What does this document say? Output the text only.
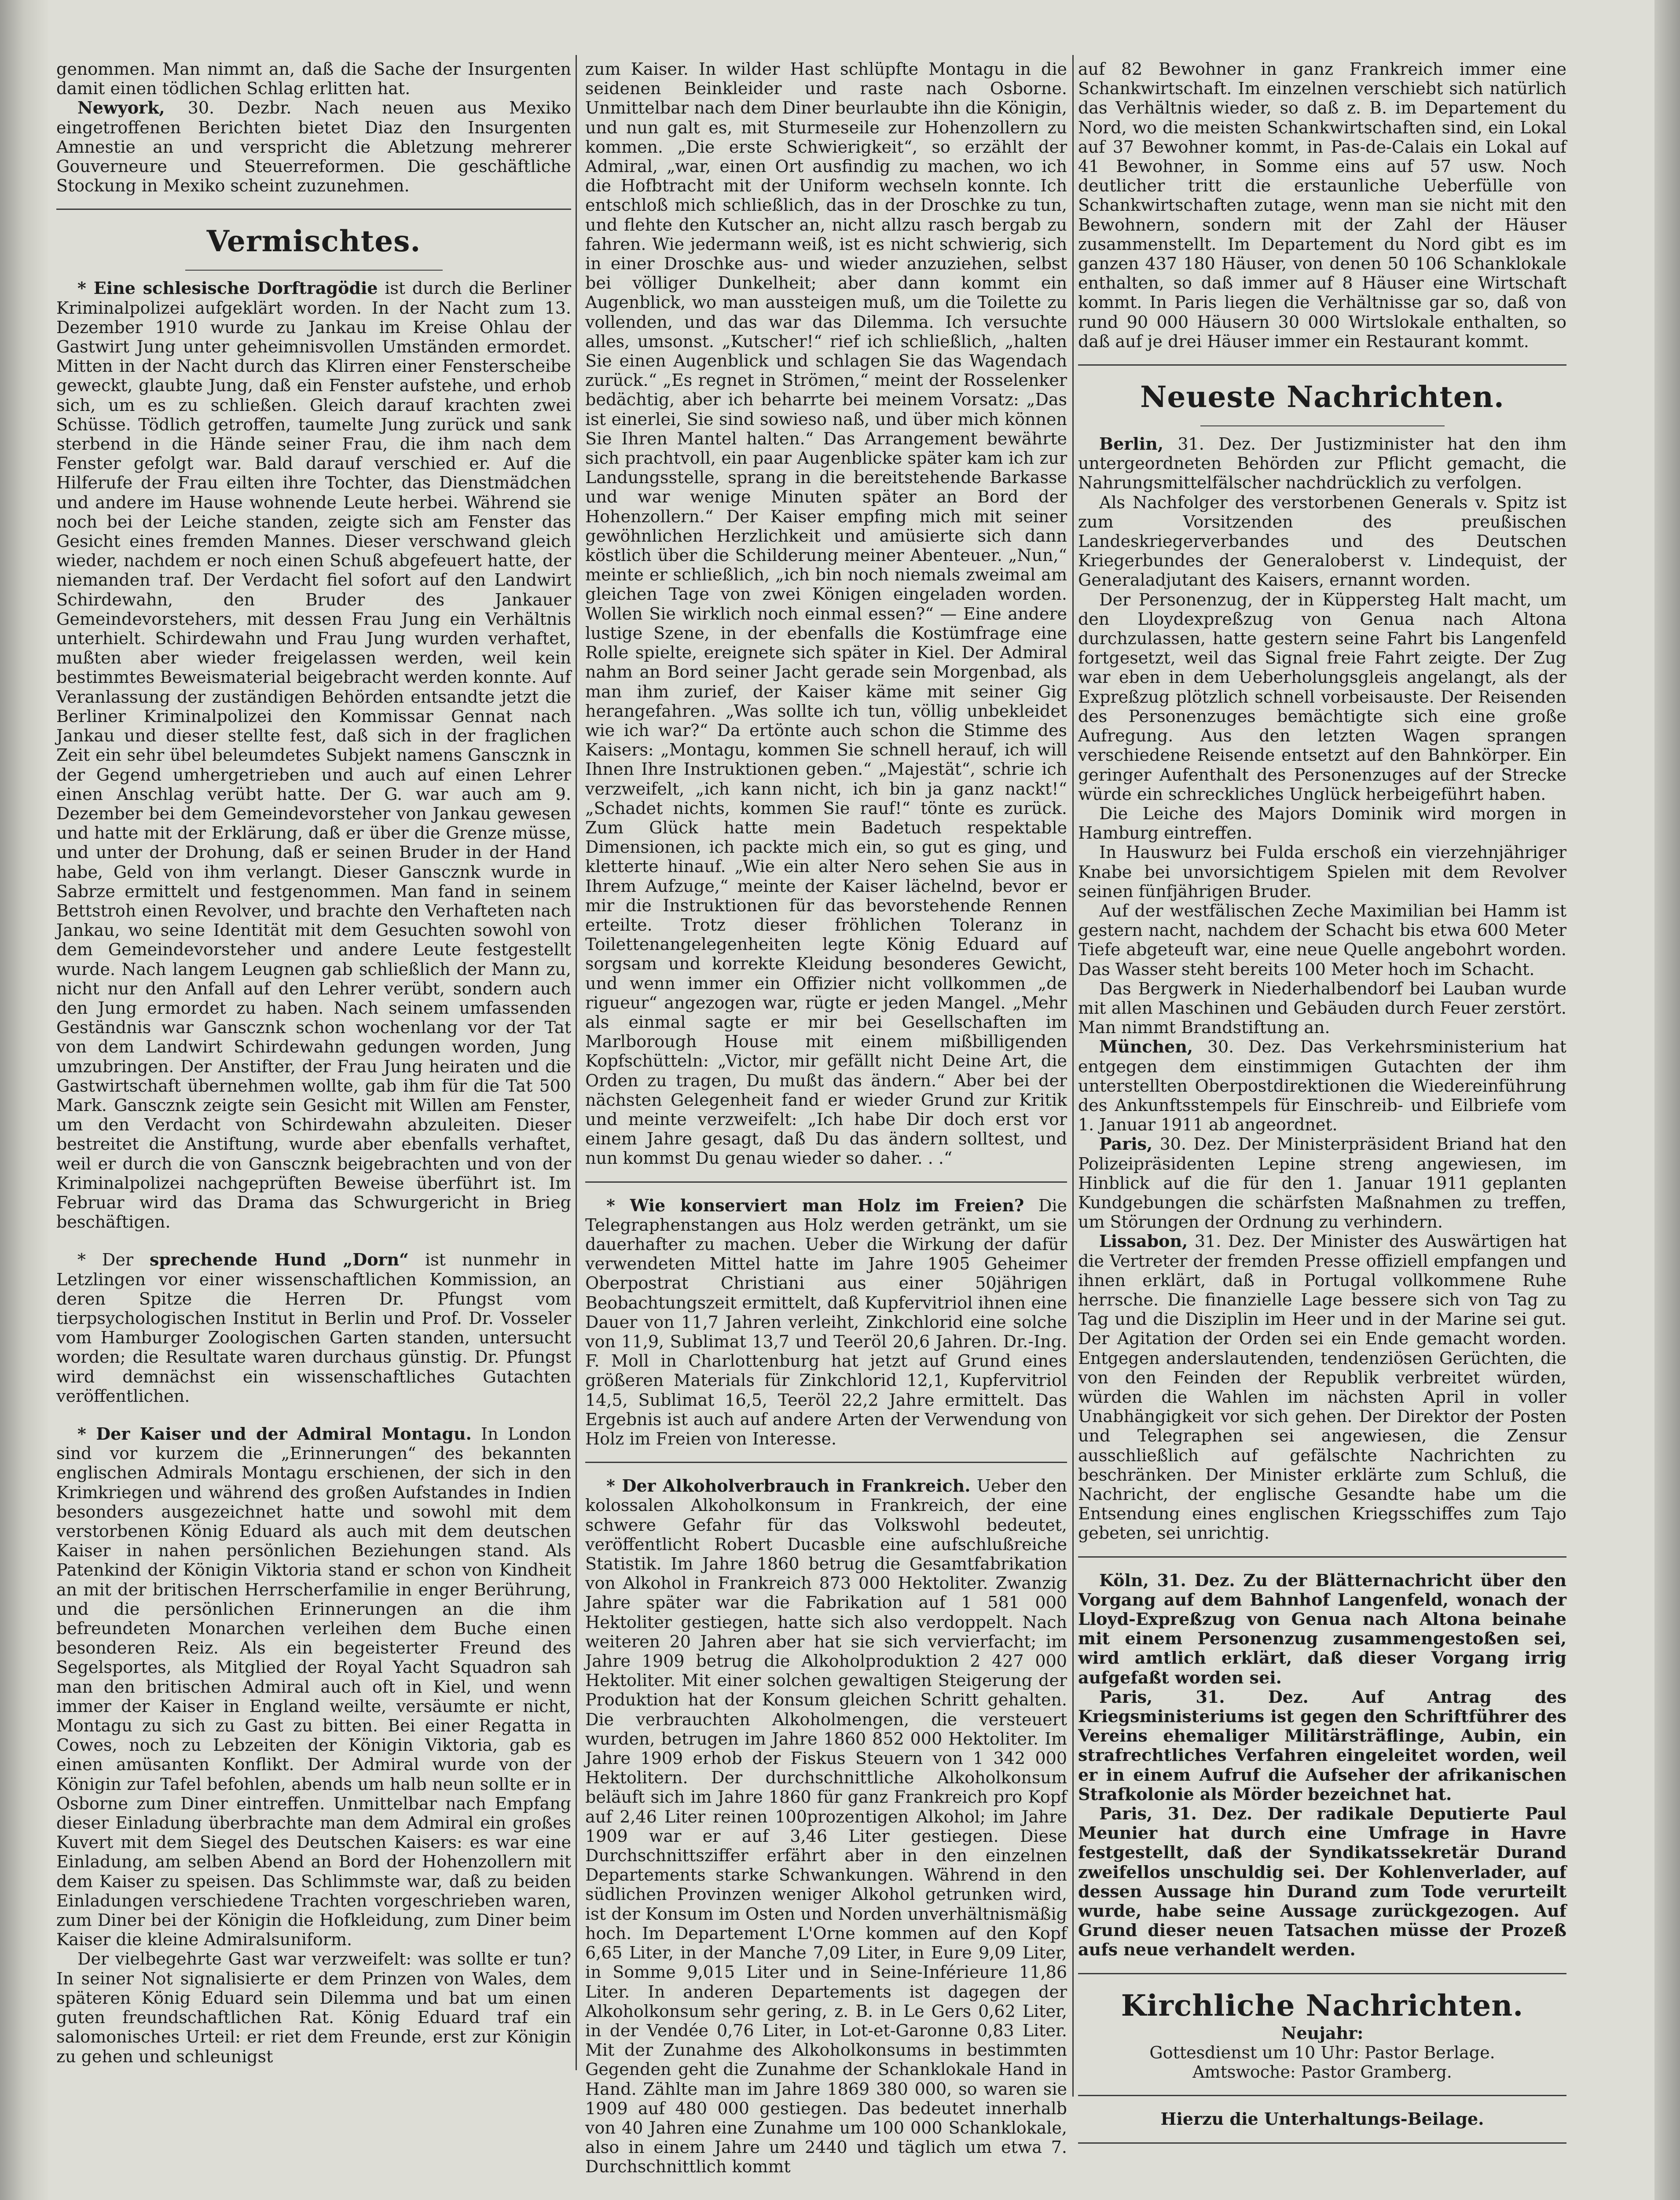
genommen. Man nimmt an, daß die Sache der Insurgenten damit einen tödlichen Schlag erlitten hat.

Newyork, 30. Dezbr. Nach neuen aus Mexiko eingetroffenen Berichten bietet Diaz den Insurgenten Amnestie an und verspricht die Abletzung mehrerer Gouverneure und Steuerreformen. Die geschäftliche Stockung in Mexiko scheint zuzunehmen.

Vermischtes.

* Eine schlesische Dorftragödie ist durch die Berliner Kriminalpolizei aufgeklärt worden. In der Nacht zum 13. Dezember 1910 wurde zu Jankau im Kreise Ohlau der Gastwirt Jung unter geheimnisvollen Umständen ermordet. Mitten in der Nacht durch das Klirren einer Fensterscheibe geweckt, glaubte Jung, daß ein Fenster aufstehe, und erhob sich, um es zu schließen. Gleich darauf krachten zwei Schüsse. Tödlich getroffen, taumelte Jung zurück und sank sterbend in die Hände seiner Frau, die ihm nach dem Fenster gefolgt war. Bald darauf verschied er. Auf die Hilferufe der Frau eilten ihre Tochter, das Dienstmädchen und andere im Hause wohnende Leute herbei. Während sie noch bei der Leiche standen, zeigte sich am Fenster das Gesicht eines fremden Mannes. Dieser verschwand gleich wieder, nachdem er noch einen Schuß abgefeuert hatte, der niemanden traf. Der Verdacht fiel sofort auf den Landwirt Schirdewahn, den Bruder des Jankauer Gemeindevorstehers, mit dessen Frau Jung ein Verhältnis unterhielt. Schirdewahn und Frau Jung wurden verhaftet, mußten aber wieder freigelassen werden, weil kein bestimmtes Beweismaterial beigebracht werden konnte. Auf Veranlassung der zuständigen Behörden entsandte jetzt die Berliner Kriminalpolizei den Kommissar Gennat nach Jankau und dieser stellte fest, daß sich in der fraglichen Zeit ein sehr übel beleumdetes Subjekt namens Ganscznk in der Gegend umhergetrieben und auch auf einen Lehrer einen Anschlag verübt hatte. Der G. war auch am 9. Dezember bei dem Gemeindevorsteher von Jankau gewesen und hatte mit der Erklärung, daß er über die Grenze müsse, und unter der Drohung, daß er seinen Bruder in der Hand habe, Geld von ihm verlangt. Dieser Ganscznk wurde in Sabrze ermittelt und festgenommen. Man fand in seinem Bettstroh einen Revolver, und brachte den Verhafteten nach Jankau, wo seine Identität mit dem Gesuchten sowohl von dem Gemeindevorsteher und andere Leute festgestellt wurde. Nach langem Leugnen gab schließlich der Mann zu, nicht nur den Anfall auf den Lehrer verübt, sondern auch den Jung ermordet zu haben. Nach seinem umfassenden Geständnis war Ganscznk schon wochenlang vor der Tat von dem Landwirt Schirdewahn gedungen worden, Jung umzubringen. Der Anstifter, der Frau Jung heiraten und die Gastwirtschaft übernehmen wollte, gab ihm für die Tat 500 Mark. Ganscznk zeigte sein Gesicht mit Willen am Fenster, um den Verdacht von Schirdewahn abzuleiten. Dieser bestreitet die Anstiftung, wurde aber ebenfalls verhaftet, weil er durch die von Ganscznk beigebrachten und von der Kriminalpolizei nachgeprüften Beweise überführt ist. Im Februar wird das Drama das Schwurgericht in Brieg beschäftigen.

* Der sprechende Hund „Dorn“ ist nunmehr in Letzlingen vor einer wissenschaftlichen Kommission, an deren Spitze die Herren Dr. Pfungst vom tierpsychologischen Institut in Berlin und Prof. Dr. Vosseler vom Hamburger Zoologischen Garten standen, untersucht worden; die Resultate waren durchaus günstig. Dr. Pfungst wird demnächst ein wissenschaftliches Gutachten veröffentlichen.

* Der Kaiser und der Admiral Montagu. In London sind vor kurzem die „Erinnerungen“ des bekannten englischen Admirals Montagu erschienen, der sich in den Krimkriegen und während des großen Aufstandes in Indien besonders ausgezeichnet hatte und sowohl mit dem verstorbenen König Eduard als auch mit dem deutschen Kaiser in nahen persönlichen Beziehungen stand. Als Patenkind der Königin Viktoria stand er schon von Kindheit an mit der britischen Herrscherfamilie in enger Berührung, und die persönlichen Erinnerungen an die ihm befreundeten Monarchen verleihen dem Buche einen besonderen Reiz. Als ein begeisterter Freund des Segelsportes, als Mitglied der Royal Yacht Squadron sah man den britischen Admiral auch oft in Kiel, und wenn immer der Kaiser in England weilte, versäumte er nicht, Montagu zu sich zu Gast zu bitten. Bei einer Regatta in Cowes, noch zu Lebzeiten der Königin Viktoria, gab es einen amüsanten Konflikt. Der Admiral wurde von der Königin zur Tafel befohlen, abends um halb neun sollte er in Osborne zum Diner eintreffen. Unmittelbar nach Empfang dieser Einladung überbrachte man dem Admiral ein großes Kuvert mit dem Siegel des Deutschen Kaisers: es war eine Einladung, am selben Abend an Bord der Hohenzollern mit dem Kaiser zu speisen. Das Schlimmste war, daß zu beiden Einladungen verschiedene Trachten vorgeschrieben waren, zum Diner bei der Königin die Hofkleidung, zum Diner beim Kaiser die kleine Admiralsuniform.

Der vielbegehrte Gast war verzweifelt: was sollte er tun? In seiner Not signalisierte er dem Prinzen von Wales, dem späteren König Eduard sein Dilemma und bat um einen guten freundschaftlichen Rat. König Eduard traf ein salomonisches Urteil: er riet dem Freunde, erst zur Königin zu gehen und schleunigst

zum Kaiser. In wilder Hast schlüpfte Montagu in die seidenen Beinkleider und raste nach Osborne. Unmittelbar nach dem Diner beurlaubte ihn die Königin, und nun galt es, mit Sturmeseile zur Hohenzollern zu kommen. „Die erste Schwierigkeit“, so erzählt der Admiral, „war, einen Ort ausfindig zu machen, wo ich die Hofbtracht mit der Uniform wechseln konnte. Ich entschloß mich schließlich, das in der Droschke zu tun, und flehte den Kutscher an, nicht allzu rasch bergab zu fahren. Wie jedermann weiß, ist es nicht schwierig, sich in einer Droschke aus- und wieder anzuziehen, selbst bei völliger Dunkelheit; aber dann kommt ein Augenblick, wo man aussteigen muß, um die Toilette zu vollenden, und das war das Dilemma. Ich versuchte alles, umsonst. „Kutscher!“ rief ich schließlich, „halten Sie einen Augenblick und schlagen Sie das Wagendach zurück.“ „Es regnet in Strömen,“ meint der Rosselenker bedächtig, aber ich beharrte bei meinem Vorsatz: „Das ist einerlei, Sie sind sowieso naß, und über mich können Sie Ihren Mantel halten.“ Das Arrangement bewährte sich prachtvoll, ein paar Augenblicke später kam ich zur Landungsstelle, sprang in die bereitstehende Barkasse und war wenige Minuten später an Bord der Hohenzollern.“ Der Kaiser empfing mich mit seiner gewöhnlichen Herzlichkeit und amüsierte sich dann köstlich über die Schilderung meiner Abenteuer. „Nun,“ meinte er schließlich, „ich bin noch niemals zweimal am gleichen Tage von zwei Königen eingeladen worden. Wollen Sie wirklich noch einmal essen?“ — Eine andere lustige Szene, in der ebenfalls die Kostümfrage eine Rolle spielte, ereignete sich später in Kiel. Der Admiral nahm an Bord seiner Jacht gerade sein Morgenbad, als man ihm zurief, der Kaiser käme mit seiner Gig herangefahren. „Was sollte ich tun, völlig unbekleidet wie ich war?“ Da ertönte auch schon die Stimme des Kaisers: „Montagu, kommen Sie schnell herauf, ich will Ihnen Ihre Instruktionen geben.“ „Majestät“, schrie ich verzweifelt, „ich kann nicht, ich bin ja ganz nackt!“ „Schadet nichts, kommen Sie rauf!“ tönte es zurück. Zum Glück hatte mein Badetuch respektable Dimensionen, ich packte mich ein, so gut es ging, und kletterte hinauf. „Wie ein alter Nero sehen Sie aus in Ihrem Aufzuge,“ meinte der Kaiser lächelnd, bevor er mir die Instruktionen für das bevorstehende Rennen erteilte. Trotz dieser fröhlichen Toleranz in Toilettenangelegenheiten legte König Eduard auf sorgsam und korrekte Kleidung besonderes Gewicht, und wenn immer ein Offizier nicht vollkommen „de rigueur“ angezogen war, rügte er jeden Mangel. „Mehr als einmal sagte er mir bei Gesellschaften im Marlborough House mit einem mißbilligenden Kopfschütteln: „Victor, mir gefällt nicht Deine Art, die Orden zu tragen, Du mußt das ändern.“ Aber bei der nächsten Gelegenheit fand er wieder Grund zur Kritik und meinte verzweifelt: „Ich habe Dir doch erst vor einem Jahre gesagt, daß Du das ändern solltest, und nun kommst Du genau wieder so daher. . .“

* Wie konserviert man Holz im Freien? Die Telegraphenstangen aus Holz werden getränkt, um sie dauerhafter zu machen. Ueber die Wirkung der dafür verwendeten Mittel hatte im Jahre 1905 Geheimer Oberpostrat Christiani aus einer 50jährigen Beobachtungszeit ermittelt, daß Kupfervitriol ihnen eine Dauer von 11,7 Jahren verleiht, Zinkchlorid eine solche von 11,9, Sublimat 13,7 und Teeröl 20,6 Jahren. Dr.-Ing. F. Moll in Charlottenburg hat jetzt auf Grund eines größeren Materials für Zinkchlorid 12,1, Kupfervitriol 14,5, Sublimat 16,5, Teeröl 22,2 Jahre ermittelt. Das Ergebnis ist auch auf andere Arten der Verwendung von Holz im Freien von Interesse.

* Der Alkoholverbrauch in Frankreich. Ueber den kolossalen Alkoholkonsum in Frankreich, der eine schwere Gefahr für das Volkswohl bedeutet, veröffentlicht Robert Ducasble eine aufschlußreiche Statistik. Im Jahre 1860 betrug die Gesamtfabrikation von Alkohol in Frankreich 873 000 Hektoliter. Zwanzig Jahre später war die Fabrikation auf 1 581 000 Hektoliter gestiegen, hatte sich also verdoppelt. Nach weiteren 20 Jahren aber hat sie sich vervierfacht; im Jahre 1909 betrug die Alkoholproduktion 2 427 000 Hektoliter. Mit einer solchen gewaltigen Steigerung der Produktion hat der Konsum gleichen Schritt gehalten. Die verbrauchten Alkoholmengen, die versteuert wurden, betrugen im Jahre 1860 852 000 Hektoliter. Im Jahre 1909 erhob der Fiskus Steuern von 1 342 000 Hektolitern. Der durchschnittliche Alkoholkonsum beläuft sich im Jahre 1860 für ganz Frankreich pro Kopf auf 2,46 Liter reinen 100prozentigen Alkohol; im Jahre 1909 war er auf 3,46 Liter gestiegen. Diese Durchschnittsziffer erfährt aber in den einzelnen Departements starke Schwankungen. Während in den südlichen Provinzen weniger Alkohol getrunken wird, ist der Konsum im Osten und Norden unverhältnismäßig hoch. Im Departement L'Orne kommen auf den Kopf 6,65 Liter, in der Manche 7,09 Liter, in Eure 9,09 Liter, in Somme 9,015 Liter und in Seine-Inférieure 11,86 Liter. In anderen Departements ist dagegen der Alkoholkonsum sehr gering, z. B. in Le Gers 0,62 Liter, in der Vendée 0,76 Liter, in Lot-et-Garonne 0,83 Liter. Mit der Zunahme des Alkoholkonsums in bestimmten Gegenden geht die Zunahme der Schanklokale Hand in Hand. Zählte man im Jahre 1869 380 000, so waren sie 1909 auf 480 000 gestiegen. Das bedeutet innerhalb von 40 Jahren eine Zunahme um 100 000 Schanklokale, also in einem Jahre um 2440 und täglich um etwa 7. Durchschnittlich kommt

auf 82 Bewohner in ganz Frankreich immer eine Schankwirtschaft. Im einzelnen verschiebt sich natürlich das Verhältnis wieder, so daß z. B. im Departement du Nord, wo die meisten Schankwirtschaften sind, ein Lokal auf 37 Bewohner kommt, in Pas-de-Calais ein Lokal auf 41 Bewohner, in Somme eins auf 57 usw. Noch deutlicher tritt die erstaunliche Ueberfülle von Schankwirtschaften zutage, wenn man sie nicht mit den Bewohnern, sondern mit der Zahl der Häuser zusammenstellt. Im Departement du Nord gibt es im ganzen 437 180 Häuser, von denen 50 106 Schanklokale enthalten, so daß immer auf 8 Häuser eine Wirtschaft kommt. In Paris liegen die Verhältnisse gar so, daß von rund 90 000 Häusern 30 000 Wirtslokale enthalten, so daß auf je drei Häuser immer ein Restaurant kommt.

Neueste Nachrichten.

Berlin, 31. Dez. Der Justizminister hat den ihm untergeordneten Behörden zur Pflicht gemacht, die Nahrungsmittelfälscher nachdrücklich zu verfolgen.

Als Nachfolger des verstorbenen Generals v. Spitz ist zum Vorsitzenden des preußischen Landeskriegerverbandes und des Deutschen Kriegerbundes der Generaloberst v. Lindequist, der Generaladjutant des Kaisers, ernannt worden.

Der Personenzug, der in Küppersteg Halt macht, um den Lloydexpreßzug von Genua nach Altona durchzulassen, hatte gestern seine Fahrt bis Langenfeld fortgesetzt, weil das Signal freie Fahrt zeigte. Der Zug war eben in dem Ueberholungsgleis angelangt, als der Expreßzug plötzlich schnell vorbeisauste. Der Reisenden des Personenzuges bemächtigte sich eine große Aufregung. Aus den letzten Wagen sprangen verschiedene Reisende entsetzt auf den Bahnkörper. Ein geringer Aufenthalt des Personenzuges auf der Strecke würde ein schreckliches Unglück herbeigeführt haben.

Die Leiche des Majors Dominik wird morgen in Hamburg eintreffen.

In Hauswurz bei Fulda erschoß ein vierzehnjähriger Knabe bei unvorsichtigem Spielen mit dem Revolver seinen fünfjährigen Bruder.

Auf der westfälischen Zeche Maximilian bei Hamm ist gestern nacht, nachdem der Schacht bis etwa 600 Meter Tiefe abgeteuft war, eine neue Quelle angebohrt worden. Das Wasser steht bereits 100 Meter hoch im Schacht.

Das Bergwerk in Niederhalbendorf bei Lauban wurde mit allen Maschinen und Gebäuden durch Feuer zerstört. Man nimmt Brandstiftung an.

München, 30. Dez. Das Verkehrsministerium hat entgegen dem einstimmigen Gutachten der ihm unterstellten Oberpostdirektionen die Wiedereinführung des Ankunftsstempels für Einschreib- und Eilbriefe vom 1. Januar 1911 ab angeordnet.

Paris, 30. Dez. Der Ministerpräsident Briand hat den Polizeipräsidenten Lepine streng angewiesen, im Hinblick auf die für den 1. Januar 1911 geplanten Kundgebungen die schärfsten Maßnahmen zu treffen, um Störungen der Ordnung zu verhindern.

Lissabon, 31. Dez. Der Minister des Auswärtigen hat die Vertreter der fremden Presse offiziell empfangen und ihnen erklärt, daß in Portugal vollkommene Ruhe herrsche. Die finanzielle Lage bessere sich von Tag zu Tag und die Disziplin im Heer und in der Marine sei gut. Der Agitation der Orden sei ein Ende gemacht worden. Entgegen anderslautenden, tendenziösen Gerüchten, die von den Feinden der Republik verbreitet würden, würden die Wahlen im nächsten April in voller Unabhängigkeit vor sich gehen. Der Direktor der Posten und Telegraphen sei angewiesen, die Zensur ausschließlich auf gefälschte Nachrichten zu beschränken. Der Minister erklärte zum Schluß, die Nachricht, der englische Gesandte habe um die Entsendung eines englischen Kriegsschiffes zum Tajo gebeten, sei unrichtig.

Köln, 31. Dez. Zu der Blätternachricht über den Vorgang auf dem Bahnhof Langenfeld, wonach der Lloyd-Expreßzug von Genua nach Altona beinahe mit einem Personenzug zusammengestoßen sei, wird amtlich erklärt, daß dieser Vorgang irrig aufgefaßt worden sei.

Paris, 31. Dez. Auf Antrag des Kriegsministeriums ist gegen den Schriftführer des Vereins ehemaliger Militärsträflinge, Aubin, ein strafrechtliches Verfahren eingeleitet worden, weil er in einem Aufruf die Aufseher der afrikanischen Strafkolonie als Mörder bezeichnet hat.

Paris, 31. Dez. Der radikale Deputierte Paul Meunier hat durch eine Umfrage in Havre festgestellt, daß der Syndikatssekretär Durand zweifellos unschuldig sei. Der Kohlenverlader, auf dessen Aussage hin Durand zum Tode verurteilt wurde, habe seine Aussage zurückgezogen. Auf Grund dieser neuen Tatsachen müsse der Prozeß aufs neue verhandelt werden.

Kirchliche Nachrichten.

Neujahr:

Gottesdienst um 10 Uhr: Pastor Berlage.

Amtswoche: Pastor Gramberg.

Hierzu die Unterhaltungs-Beilage.
